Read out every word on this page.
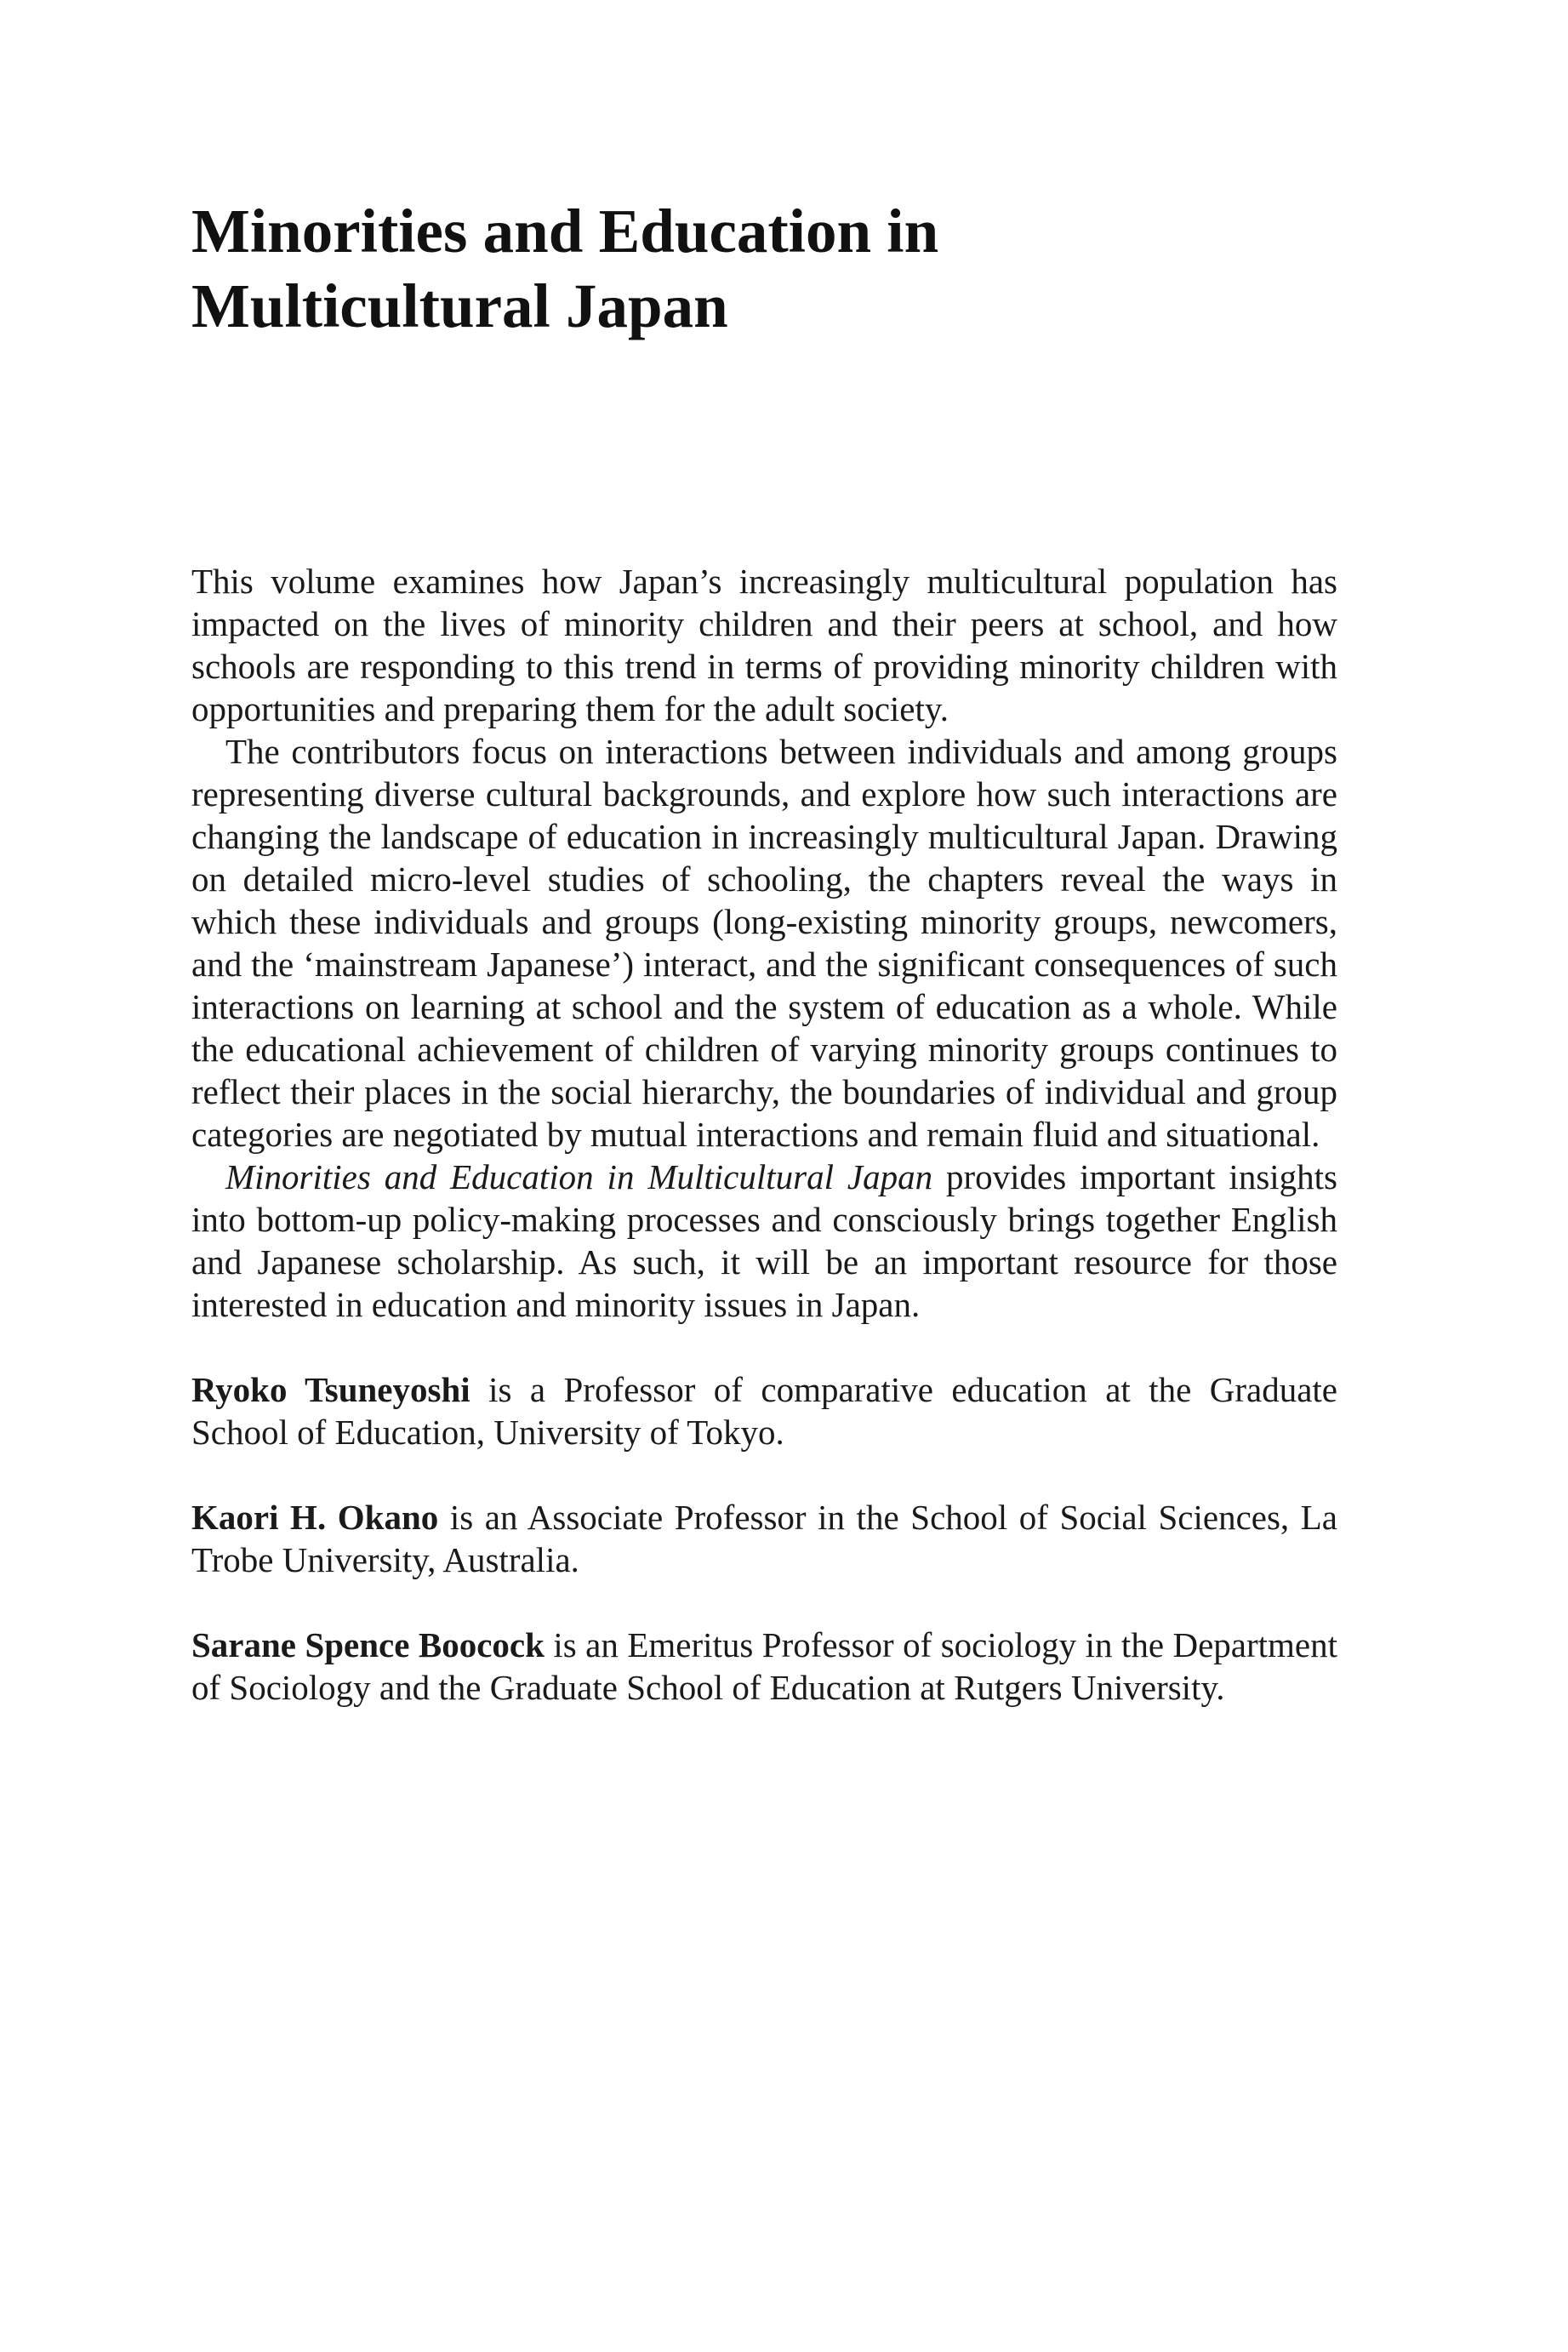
Minorities and Education in
Multicultural Japan

This volume examines how Japan’s increasingly multicultural population has impacted on the lives of minority children and their peers at school, and how schools are responding to this trend in terms of providing minority children with opportunities and preparing them for the adult society.

The contributors focus on interactions between individuals and among groups representing diverse cultural backgrounds, and explore how such interactions are changing the landscape of education in increasingly multicultural Japan. Drawing on detailed micro-level studies of schooling, the chapters reveal the ways in which these individuals and groups (long-existing minority groups, newcomers, and the ‘mainstream Japanese’) interact, and the significant consequences of such interactions on learning at school and the system of education as a whole. While the educational achievement of children of varying minority groups continues to reflect their places in the social hierarchy, the boundaries of individual and group categories are negotiated by mutual interactions and remain fluid and situational.

Minorities and Education in Multicultural Japan provides important insights into bottom-up policy-making processes and consciously brings together English and Japanese scholarship. As such, it will be an important resource for those interested in education and minority issues in Japan.

Ryoko Tsuneyoshi is a Professor of comparative education at the Graduate School of Education, University of Tokyo.

Kaori H. Okano is an Associate Professor in the School of Social Sciences, La Trobe University, Australia.

Sarane Spence Boocock is an Emeritus Professor of sociology in the Department of Sociology and the Graduate School of Education at Rutgers University.
